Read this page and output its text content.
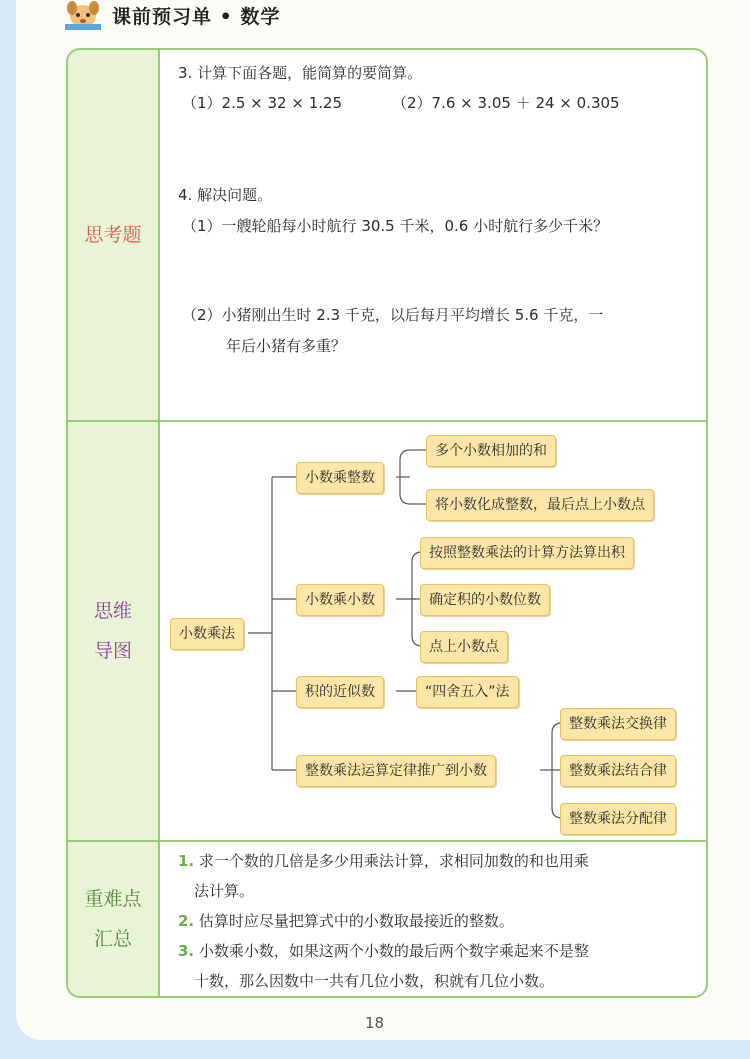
课前预习单 • 数学
思考题
3. 计算下面各题，能简算的要简算。
（1）2.5 × 32 × 1.25	（2）7.6 × 3.05 ＋ 24 × 0.305
4. 解决问题。
（1）一艘轮船每小时航行 30.5 千米，0.6 小时航行多少千米？
（2）小猪刚出生时 2.3 千克，以后每月平均增长 5.6 千克，一
年后小猪有多重？
思维
导图
小数乘法
小数乘整数
多个小数相加的和
将小数化成整数，最后点上小数点
小数乘小数
按照整数乘法的计算方法算出积
确定积的小数位数
点上小数点
积的近似数	“四舍五入”法
整数乘法运算定律推广到小数
整数乘法交换律
整数乘法结合律
整数乘法分配律
重难点
汇总
1. 求一个数的几倍是多少用乘法计算，求相同加数的和也用乘
法计算。
2. 估算时应尽量把算式中的小数取最接近的整数。
3. 小数乘小数，如果这两个小数的最后两个数字乘起来不是整
十数，那么因数中一共有几位小数，积就有几位小数。
18
